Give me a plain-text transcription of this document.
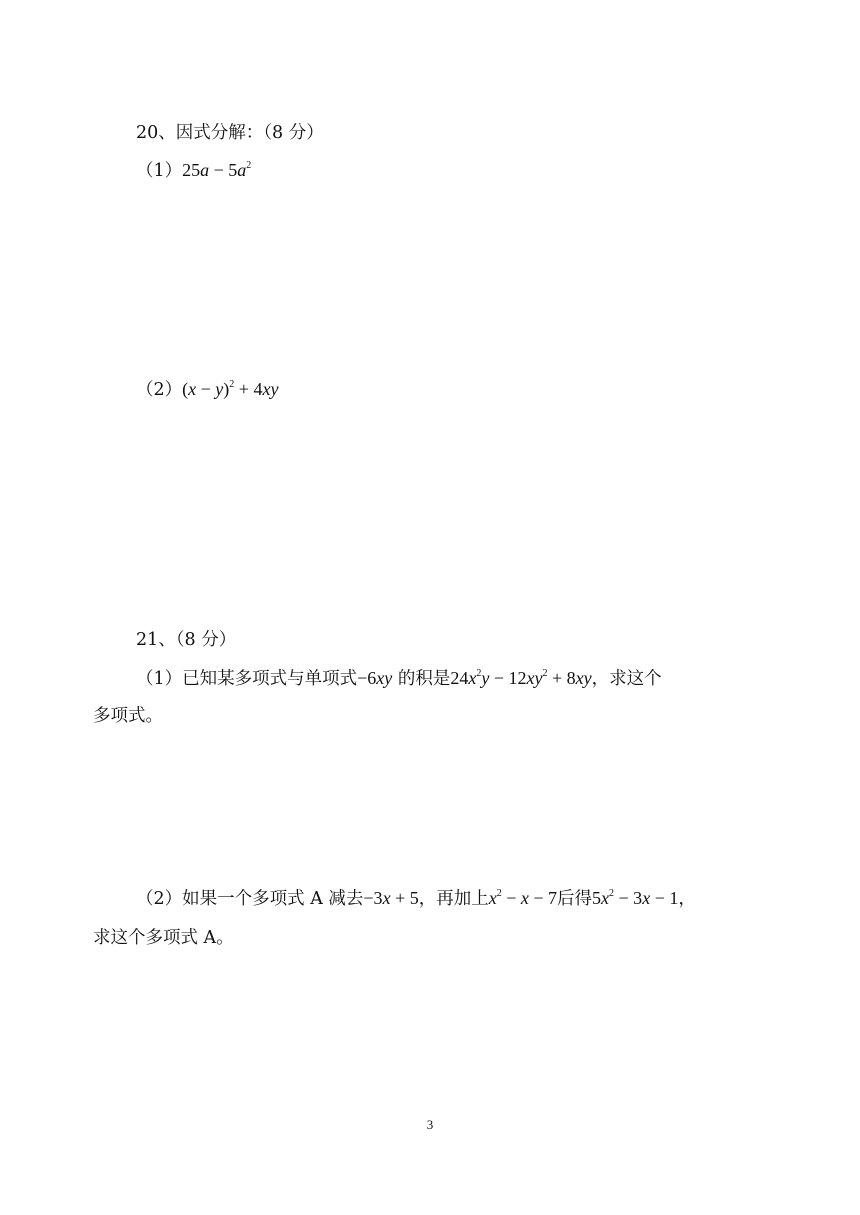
20、因式分解：（8 分）
$(1)25a - 5a^2$
$(2)(x - y)^2 + 4xy$
21、（8 分）
（1）已知某多项式与单项式−6xy 的积是$24x^2y - 12xy^2 + 8xy$，求这个
多项式。
（2）如果一个多项式 A 减去−3x + 5，再加上$x^2 - x - 7$后得$5x^2 - 3x - 1$，
求这个多项式 A。
3
